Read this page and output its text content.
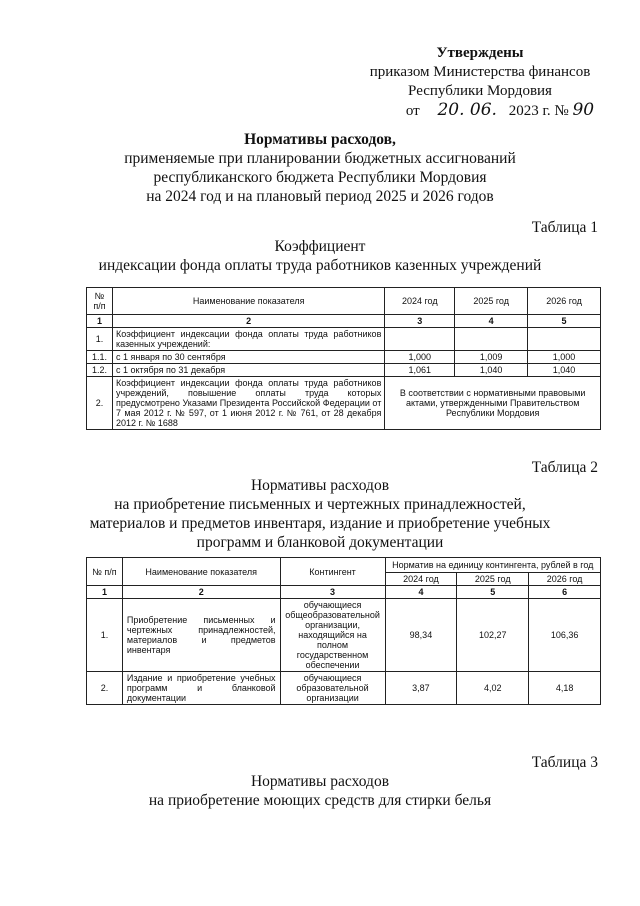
Утверждены
приказом Министерства финансов
Республики Мордовия
от 20. 06. 2023 г. № 90
Нормативы расходов,
применяемые при планировании бюджетных ассигнований
республиканского бюджета Республики Мордовия
на 2024 год и на плановый период 2025 и 2026 годов
Таблица 1
Коэффициент
индексации фонда оплаты труда работников казенных учреждений
№ п/п	Наименование показателя	2024 год	2025 год	2026 год
1	2	3	4	5
1.	Коэффициент индексации фонда оплаты труда работников казенных учреждений:			
1.1.	с 1 января по 30 сентября	1,000	1,009	1,000
1.2.	с 1 октября по 31 декабря	1,061	1,040	1,040
2.	Коэффициент индексации фонда оплаты труда работников учреждений, повышение оплаты труда которых предусмотрено Указами Президента Российской Федерации от 7 мая 2012 г. № 597, от 1 июня 2012 г. № 761, от 28 декабря 2012 г. № 1688	В соответствии с нормативными правовыми актами, утвержденными Правительством Республики Мордовия		
Таблица 2
Нормативы расходов
на приобретение письменных и чертежных принадлежностей,
материалов и предметов инвентаря, издание и приобретение учебных
программ и бланковой документации
№ п/п	Наименование показателя	Контингент	Норматив на единицу контингента, рублей в год		
			2024 год	2025 год	2026 год
1	2	3	4	5	6
1.	Приобретение письменных и чертежных принадлежностей, материалов и предметов инвентаря	обучающиеся общеобразовательной организации, находящийся на полном государственном обеспечении	98,34	102,27	106,36
2.	Издание и приобретение учебных программ и бланковой документации	обучающиеся образовательной организации	3,87	4,02	4,18
Таблица 3
Нормативы расходов
на приобретение моющих средств для стирки белья
